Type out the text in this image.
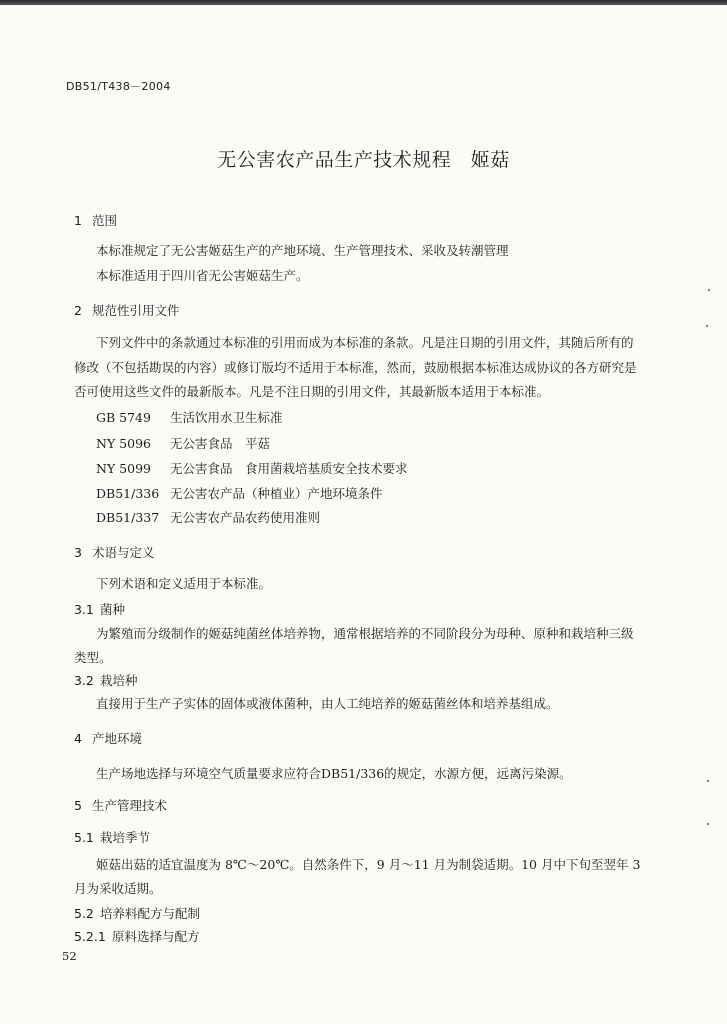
DB51/T438－2004
无公害农产品生产技术规程　姬菇
1 范围
本标准规定了无公害姬菇生产的产地环境、生产管理技术、采收及转潮管理
本标准适用于四川省无公害姬菇生产。
2 规范性引用文件
下列文件中的条款通过本标准的引用而成为本标准的条款。凡是注日期的引用文件，其随后所有的
修改（不包括勘误的内容）或修订版均不适用于本标准，然而，鼓励根据本标准达成协议的各方研究是
否可使用这些文件的最新版本。凡是不注日期的引用文件，其最新版本适用于本标准。
GB 5749 生活饮用水卫生标准
NY 5096 无公害食品　平菇
NY 5099 无公害食品　食用菌栽培基质安全技术要求
DB51/336 无公害农产品（种植业）产地环境条件
DB51/337 无公害农产品农药使用准则
3 术语与定义
下列术语和定义适用于本标准。
3.1 菌种
为繁殖而分级制作的姬菇纯菌丝体培养物，通常根据培养的不同阶段分为母种、原种和栽培种三级
类型。
3.2 栽培种
直接用于生产子实体的固体或液体菌种，由人工纯培养的姬菇菌丝体和培养基组成。
4 产地环境
生产场地选择与环境空气质量要求应符合DB51/336的规定，水源方便，远离污染源。
5 生产管理技术
5.1 栽培季节
姬菇出菇的适宜温度为 8℃～20℃。自然条件下，9 月～11 月为制袋适期。10 月中下旬至翌年 3
月为采收适期。
5.2 培养料配方与配制
5.2.1 原料选择与配方
52
